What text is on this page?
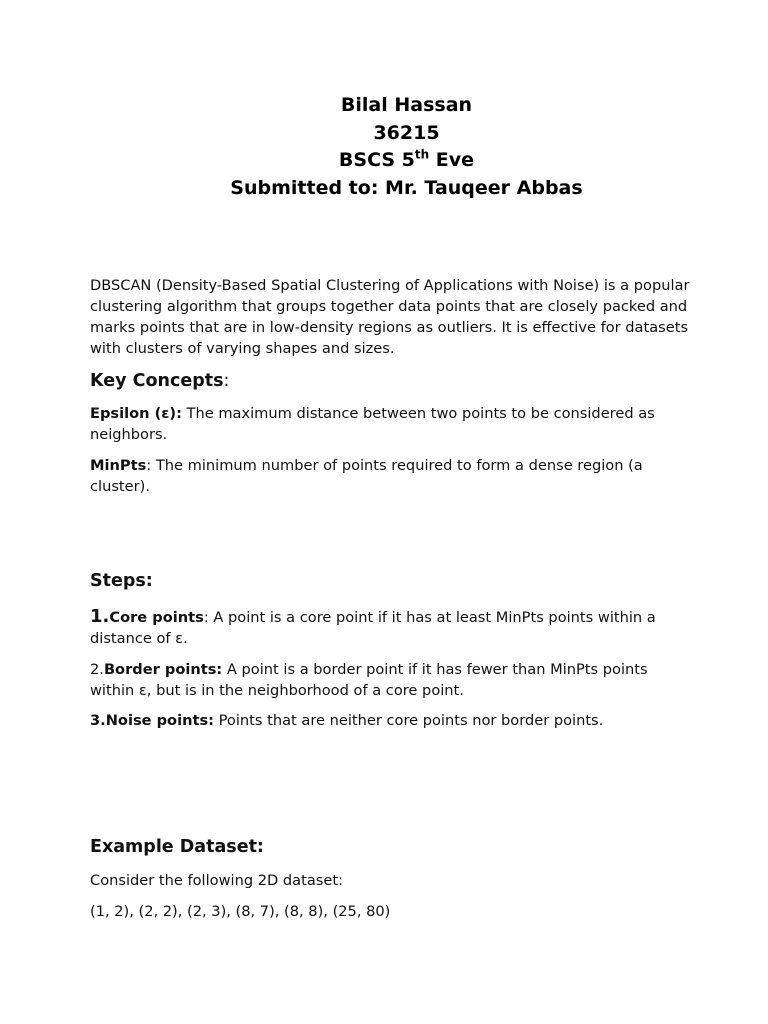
Bilal Hassan
36215
BSCS 5th Eve
Submitted to: Mr. Tauqeer Abbas

DBSCAN (Density-Based Spatial Clustering of Applications with Noise) is a popular clustering algorithm that groups together data points that are closely packed and marks points that are in low-density regions as outliers. It is effective for datasets with clusters of varying shapes and sizes.

Key Concepts:

Epsilon (ε): The maximum distance between two points to be considered as neighbors.

MinPts: The minimum number of points required to form a dense region (a cluster).

Steps:

1.Core points: A point is a core point if it has at least MinPts points within a distance of ε.

2.Border points: A point is a border point if it has fewer than MinPts points within ε, but is in the neighborhood of a core point.

3.Noise points: Points that are neither core points nor border points.

Example Dataset:

Consider the following 2D dataset:

(1, 2), (2, 2), (2, 3), (8, 7), (8, 8), (25, 80)
